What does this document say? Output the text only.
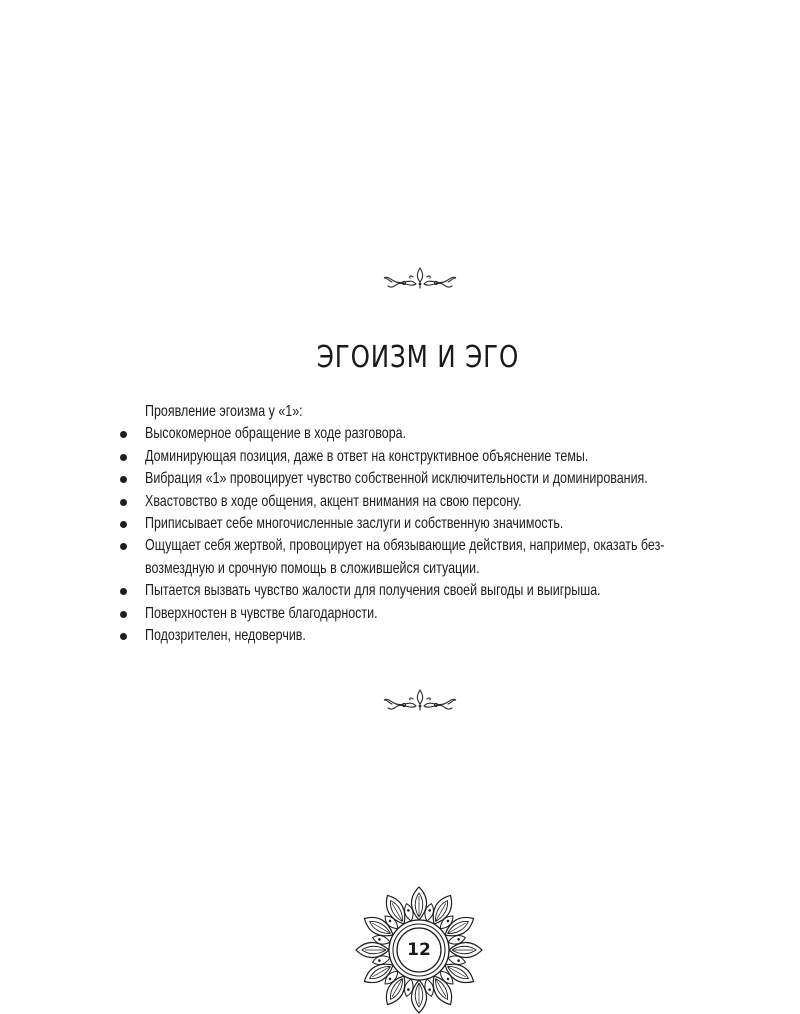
ЭГОИЗМ И ЭГО

Проявление эгоизма у «1»:

Высокомерное обращение в ходе разговора.
Доминирующая позиция, даже в ответ на конструктивное объяснение темы.
Вибрация «1» провоцирует чувство собственной исключительности и доминирования.
Хвастовство в ходе общения, акцент внимания на свою персону.
Приписывает себе многочисленные заслуги и собственную значимость.
Ощущает себя жертвой, провоцирует на обязывающие действия, например, оказать без-
возмездную и срочную помощь в сложившейся ситуации.
Пытается вызвать чувство жалости для получения своей выгоды и выигрыша.
Поверхностен в чувстве благодарности.
Подозрителен, недоверчив.
12
